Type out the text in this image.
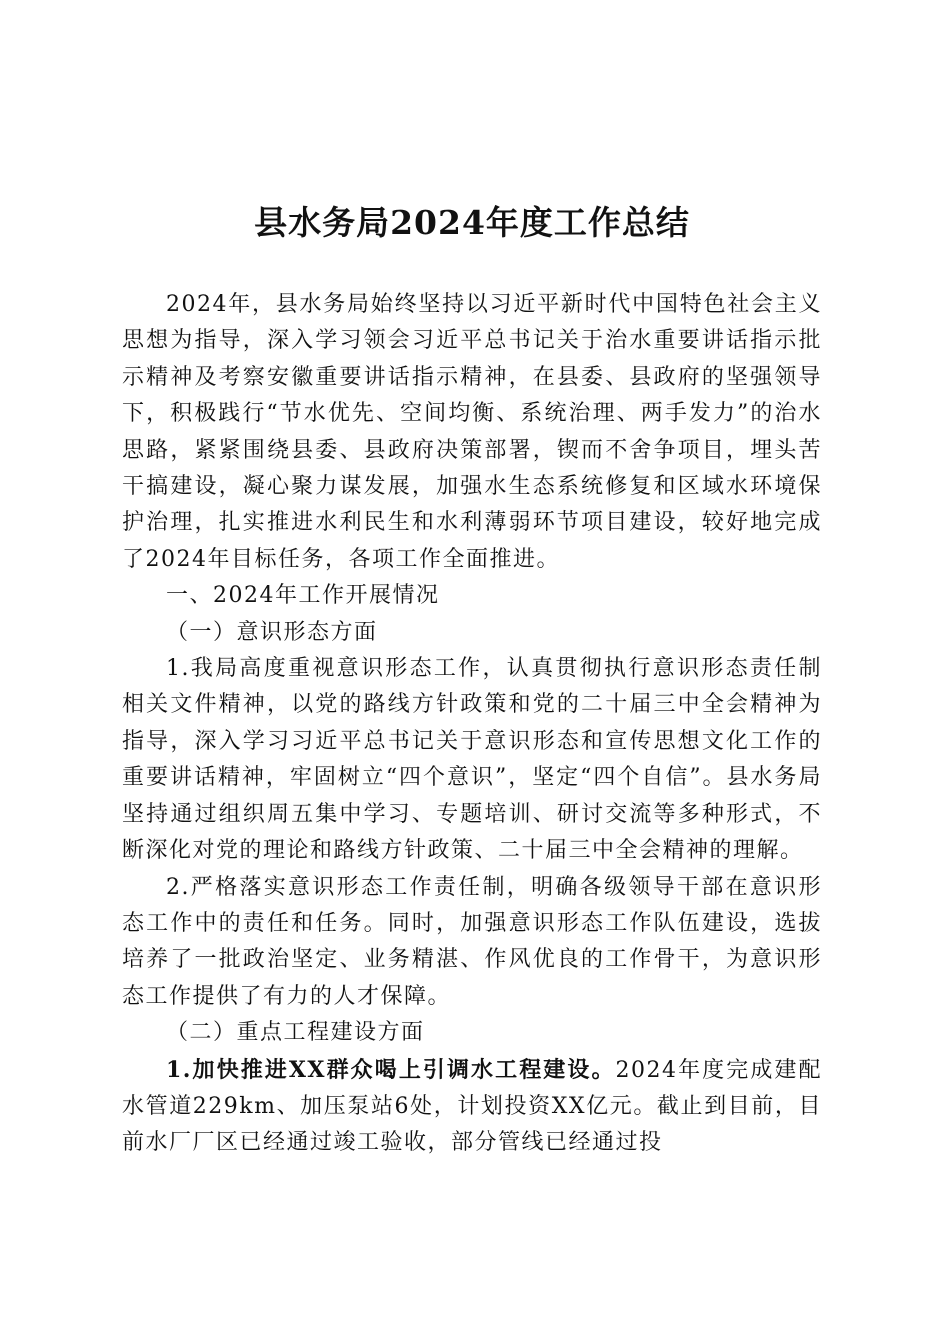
县水务局2024年度工作总结

2024年，县水务局始终坚持以习近平新时代中国特色社会主义思想为指导，深入学习领会习近平总书记关于治水重要讲话指示批示精神及考察安徽重要讲话指示精神，在县委、县政府的坚强领导下，积极践行“节水优先、空间均衡、系统治理、两手发力”的治水思路，紧紧围绕县委、县政府决策部署，锲而不舍争项目，埋头苦干搞建设，凝心聚力谋发展，加强水生态系统修复和区域水环境保护治理，扎实推进水利民生和水利薄弱环节项目建设，较好地完成了2024年目标任务，各项工作全面推进。

一、2024年工作开展情况

（一）意识形态方面

1.我局高度重视意识形态工作，认真贯彻执行意识形态责任制相关文件精神，以党的路线方针政策和党的二十届三中全会精神为指导，深入学习习近平总书记关于意识形态和宣传思想文化工作的重要讲话精神，牢固树立“四个意识”，坚定“四个自信”。县水务局坚持通过组织周五集中学习、专题培训、研讨交流等多种形式，不断深化对党的理论和路线方针政策、二十届三中全会精神的理解。

2.严格落实意识形态工作责任制，明确各级领导干部在意识形态工作中的责任和任务。同时，加强意识形态工作队伍建设，选拔培养了一批政治坚定、业务精湛、作风优良的工作骨干，为意识形态工作提供了有力的人才保障。

（二）重点工程建设方面

1.加快推进XX群众喝上引调水工程建设。2024年度完成建配水管道229km、加压泵站6处，计划投资XX亿元。截止到目前，目前水厂厂区已经通过竣工验收，部分管线已经通过投
